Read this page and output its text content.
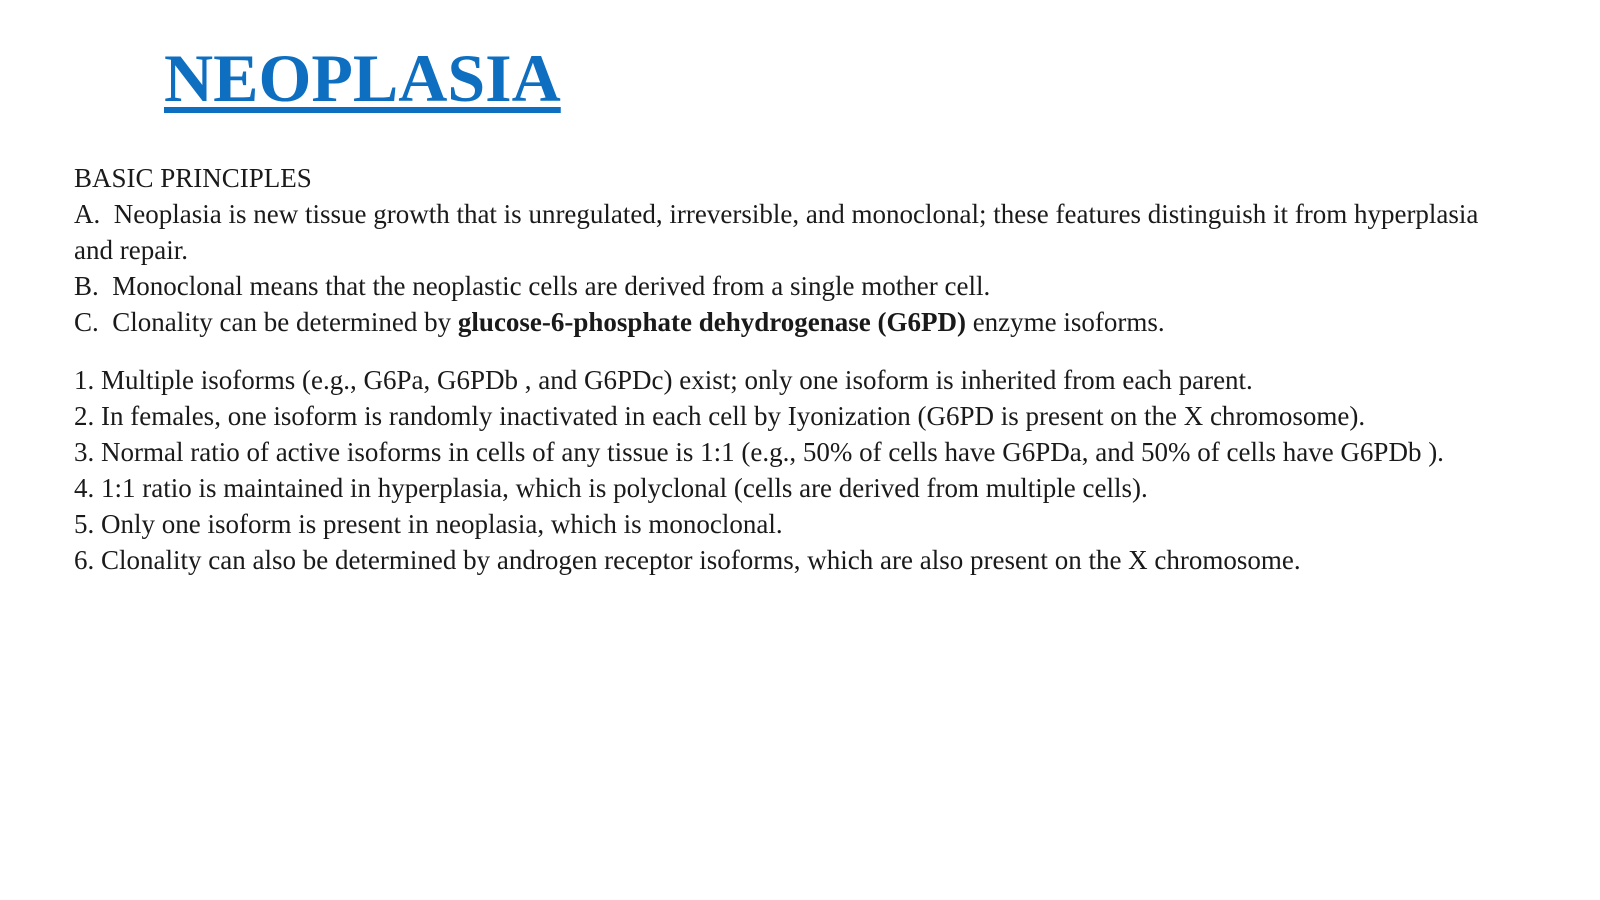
NEOPLASIA

BASIC PRINCIPLES

A. Neoplasia is new tissue growth that is unregulated, irreversible, and monoclonal; these features distinguish it from hyperplasia and repair.

B. Monoclonal means that the neoplastic cells are derived from a single mother cell.

C. Clonality can be determined by glucose-6-phosphate dehydrogenase (G6PD) enzyme isoforms.

1. Multiple isoforms (e.g., G6Pa, G6PDb , and G6PDc) exist; only one isoform is inherited from each parent.

2. In females, one isoform is randomly inactivated in each cell by Iyonization (G6PD is present on the X chromosome).

3. Normal ratio of active isoforms in cells of any tissue is 1:1 (e.g., 50% of cells have G6PDa, and 50% of cells have G6PDb ).

4. 1:1 ratio is maintained in hyperplasia, which is polyclonal (cells are derived from multiple cells).

5. Only one isoform is present in neoplasia, which is monoclonal.

6. Clonality can also be determined by androgen receptor isoforms, which are also present on the X chromosome.
